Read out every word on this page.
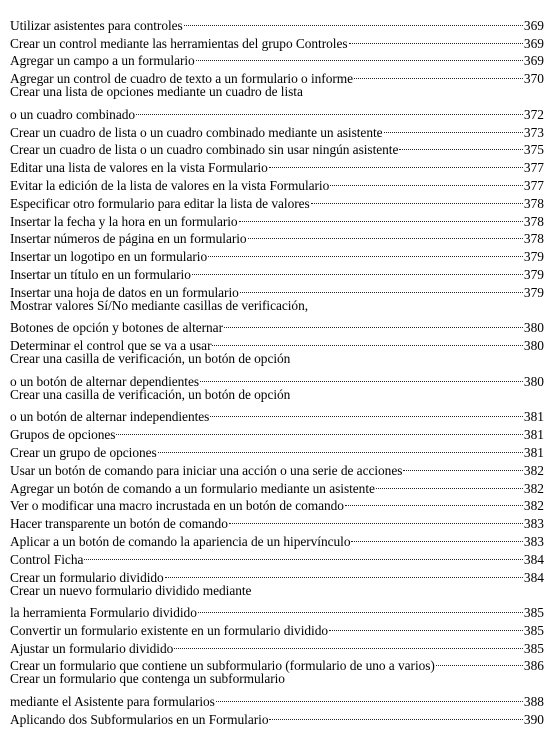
Utilizar asistentes para controles	369
Crear un control mediante las herramientas del grupo Controles	369
Agregar un campo a un formulario	369
Agregar un control de cuadro de texto a un formulario o informe	370
Crear una lista de opciones mediante un cuadro de lista
o un cuadro combinado	372
Crear un cuadro de lista o un cuadro combinado mediante un asistente	373
Crear un cuadro de lista o un cuadro combinado sin usar ningún asistente	375
Editar una lista de valores en la vista Formulario	377
Evitar la edición de la lista de valores en la vista Formulario	377
Especificar otro formulario para editar la lista de valores	378
Insertar la fecha y la hora en un formulario	378
Insertar números de página en un formulario	378
Insertar un logotipo en un formulario	379
Insertar un título en un formulario	379
Insertar una hoja de datos en un formulario	379
Mostrar valores Sí/No mediante casillas de verificación,
Botones de opción y botones de alternar	380
Determinar el control que se va a usar	380
Crear una casilla de verificación, un botón de opción
o un botón de alternar dependientes	380
Crear una casilla de verificación, un botón de opción
o un botón de alternar independientes	381
Grupos de opciones	381
Crear un grupo de opciones	381
Usar un botón de comando para iniciar una acción o una serie de acciones	382
Agregar un botón de comando a un formulario mediante un asistente	382
Ver o modificar una macro incrustada en un botón de comando	382
Hacer transparente un botón de comando	383
Aplicar a un botón de comando la apariencia de un hipervínculo	383
Control Ficha	384
Crear un formulario dividido	384
Crear un nuevo formulario dividido mediante
la herramienta Formulario dividido	385
Convertir un formulario existente en un formulario dividido	385
Ajustar un formulario dividido	385
Crear un formulario que contiene un subformulario (formulario de uno a varios)	386
Crear un formulario que contenga un subformulario
mediante el Asistente para formularios	388
Aplicando dos Subformularios en un Formulario	390
